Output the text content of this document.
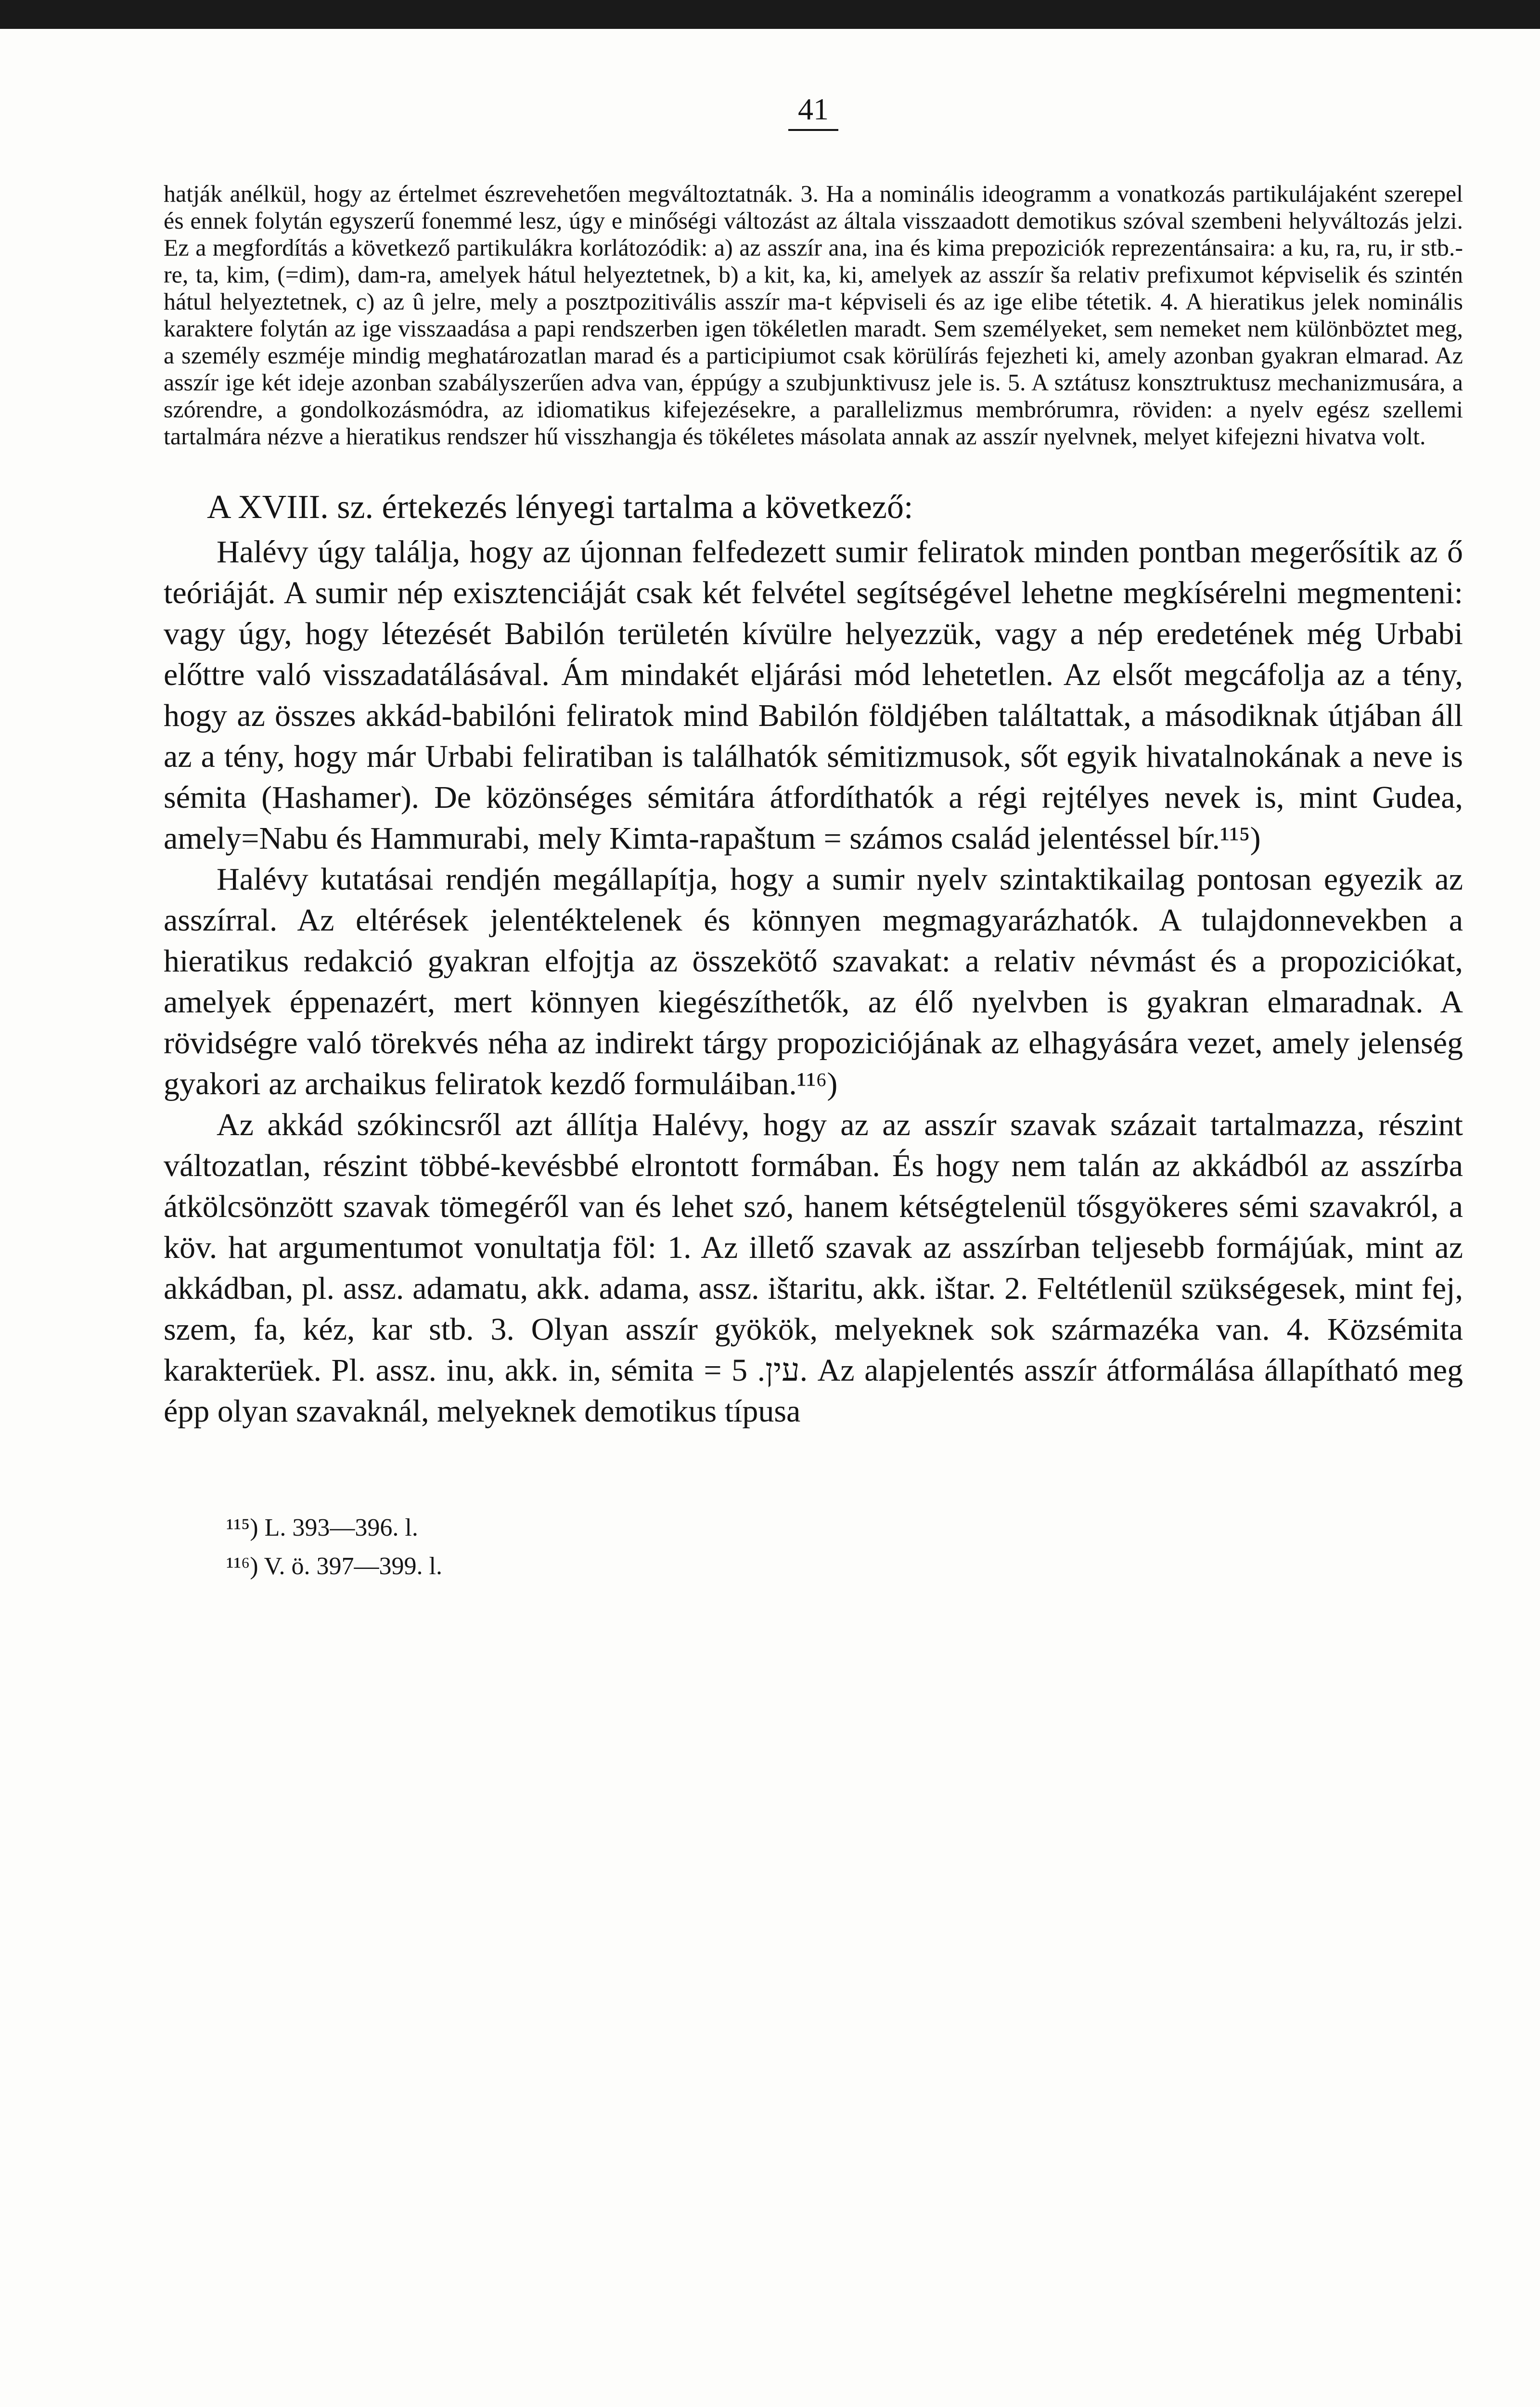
41

hatják anélkül, hogy az értelmet észrevehetően megváltoztatnák. 3. Ha a nominális ideogramm a vonatkozás partikulájaként szerepel és ennek folytán egyszerű fonemmé lesz, úgy e minőségi változást az általa visszaadott demotikus szóval szembeni helyváltozás jelzi. Ez a megfordítás a következő partikulákra korlátozódik: a) az asszír ana, ina és kima prepoziciók reprezentánsaira: a ku, ra, ru, ir stb.-re, ta, kim, (=dim), dam-ra, amelyek hátul helyeztetnek, b) a kit, ka, ki, amelyek az asszír ša relativ prefixumot képviselik és szintén hátul helyeztetnek, c) az û jelre, mely a posztpozitivális asszír ma-t képviseli és az ige elibe tétetik. 4. A hieratikus jelek nominális karaktere folytán az ige visszaadása a papi rendszerben igen tökéletlen maradt. Sem személyeket, sem nemeket nem különböztet meg, a személy eszméje mindig meghatározatlan marad és a participiumot csak körülírás fejezheti ki, amely azonban gyakran elmarad. Az asszír ige két ideje azonban szabályszerűen adva van, éppúgy a szubjunktivusz jele is. 5. A sztátusz konsztruktusz mechanizmusára, a szórendre, a gondolkozásmódra, az idiomatikus kifejezésekre, a parallelizmus membrórumra, röviden: a nyelv egész szellemi tartalmára nézve a hieratikus rendszer hű visszhangja és tökéletes másolata annak az asszír nyelvnek, melyet kifejezni hivatva volt.

A XVIII. sz. értekezés lényegi tartalma a következő:

Halévy úgy találja, hogy az újonnan felfedezett sumir feliratok minden pontban megerősítik az ő teóriáját. A sumir nép exisztenciáját csak két felvétel segítségével lehetne megkísérelni megmenteni: vagy úgy, hogy létezését Babilón területén kívülre helyezzük, vagy a nép eredetének még Urbabi előttre való visszadatálásával. Ám mindakét eljárási mód lehetetlen. Az elsőt megcáfolja az a tény, hogy az összes akkád-babilóni feliratok mind Babilón földjében találtattak, a másodiknak útjában áll az a tény, hogy már Urbabi feliratiban is találhatók sémitizmusok, sőt egyik hivatalnokának a neve is sémita (Hashamer). De közönséges sémitára átfordíthatók a régi rejtélyes nevek is, mint Gudea, amely=Nabu és Hammurabi, mely Kimta-rapaštum = számos család jelentéssel bír.¹¹⁵)

Halévy kutatásai rendjén megállapítja, hogy a sumir nyelv szintaktikailag pontosan egyezik az asszírral. Az eltérések jelentéktelenek és könnyen megmagyarázhatók. A tulajdonnevekben a hieratikus redakció gyakran elfojtja az összekötő szavakat: a relativ névmást és a propoziciókat, amelyek éppenazért, mert könnyen kiegészíthetők, az élő nyelvben is gyakran elmaradnak. A rövidségre való törekvés néha az indirekt tárgy propoziciójának az elhagyására vezet, amely jelenség gyakori az archaikus feliratok kezdő formuláiban.¹¹⁶)

Az akkád szókincsről azt állítja Halévy, hogy az az asszír szavak százait tartalmazza, részint változatlan, részint többé-kevésbbé elrontott formában. És hogy nem talán az akkádból az asszírba átkölcsönzött szavak tömegéről van és lehet szó, hanem kétségtelenül tősgyökeres sémi szavakról, a köv. hat argumentumot vonultatja föl: 1. Az illető szavak az asszírban teljesebb formájúak, mint az akkádban, pl. assz. adamatu, akk. adama, assz. ištaritu, akk. ištar. 2. Feltétlenül szükségesek, mint fej, szem, fa, kéz, kar stb. 3. Olyan asszír gyökök, melyeknek sok származéka van. 4. Közsémita karakterüek. Pl. assz. inu, akk. in, sémita = עין. 5. Az alapjelentés asszír átformálása állapítható meg épp olyan szavaknál, melyeknek demotikus típusa

¹¹⁵) L. 393—396. l.
¹¹⁶) V. ö. 397—399. l.
